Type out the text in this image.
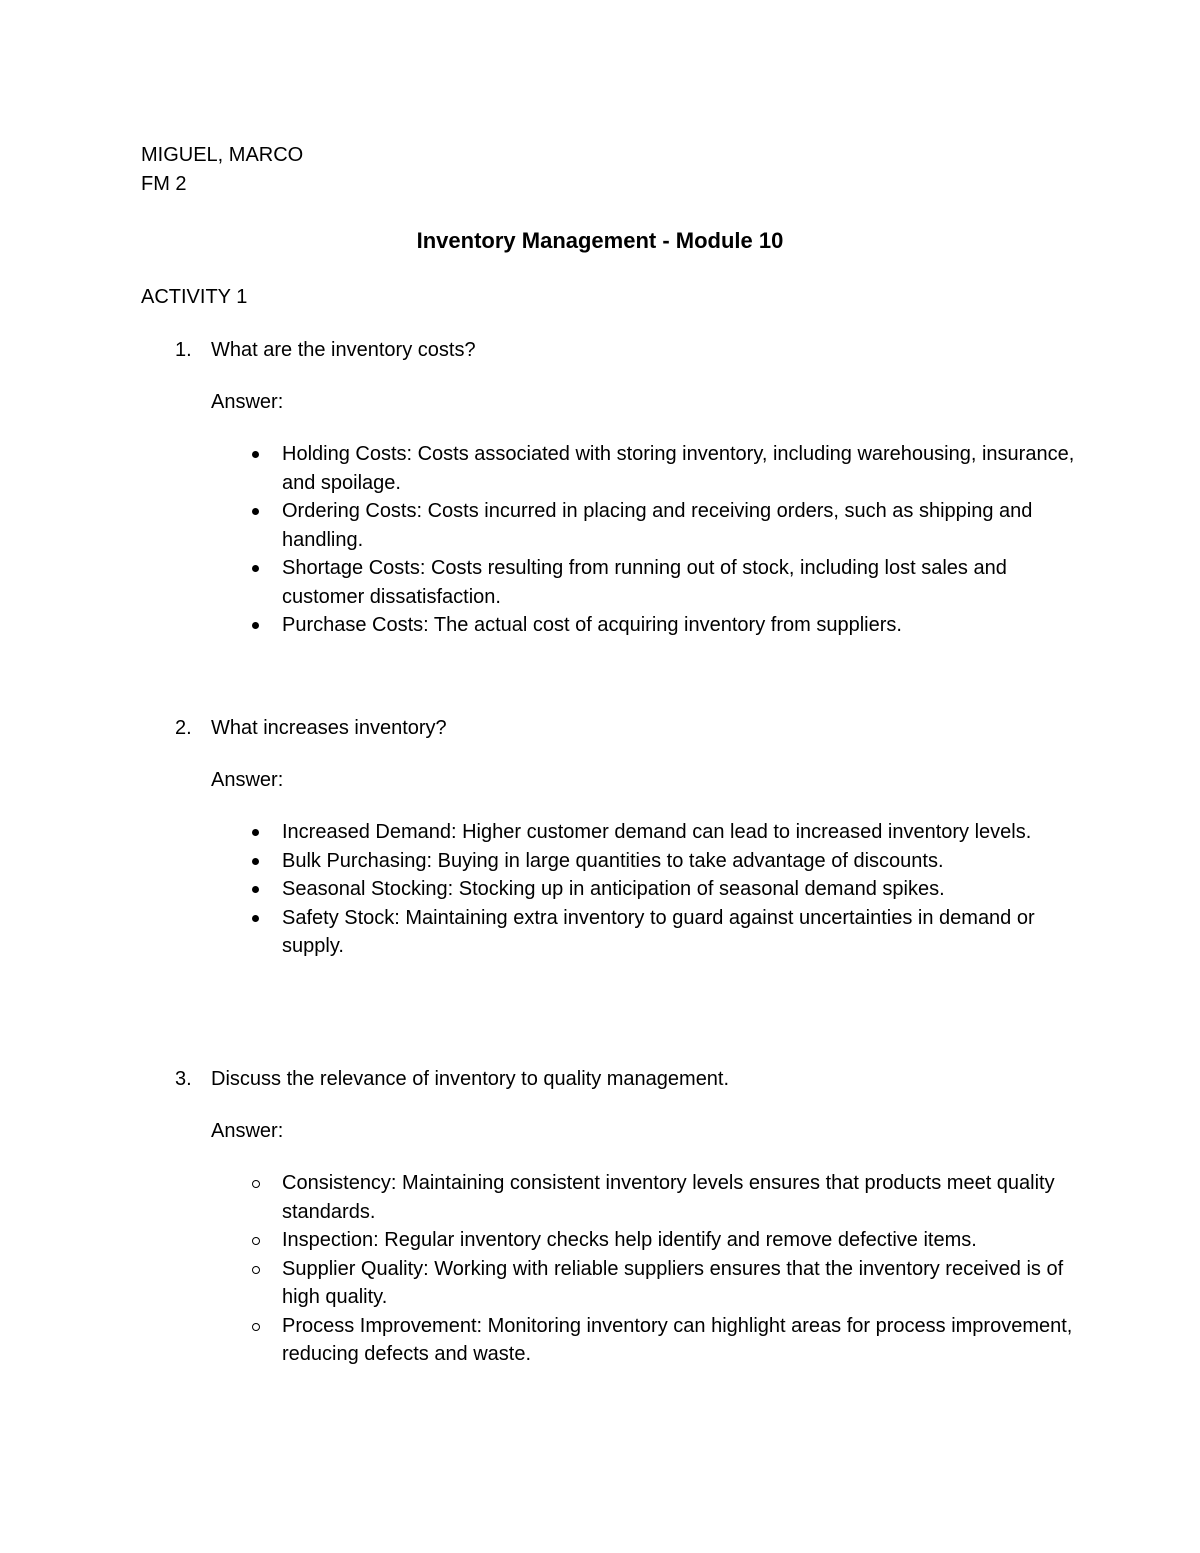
MIGUEL, MARCO
FM 2
Inventory Management - Module 10
ACTIVITY 1
1. What are the inventory costs?
Answer:
Holding Costs: Costs associated with storing inventory, including warehousing, insurance, and spoilage.
Ordering Costs: Costs incurred in placing and receiving orders, such as shipping and handling.
Shortage Costs: Costs resulting from running out of stock, including lost sales and customer dissatisfaction.
Purchase Costs: The actual cost of acquiring inventory from suppliers.
2. What increases inventory?
Answer:
Increased Demand: Higher customer demand can lead to increased inventory levels.
Bulk Purchasing: Buying in large quantities to take advantage of discounts.
Seasonal Stocking: Stocking up in anticipation of seasonal demand spikes.
Safety Stock: Maintaining extra inventory to guard against uncertainties in demand or supply.
3. Discuss the relevance of inventory to quality management.
Answer:
Consistency: Maintaining consistent inventory levels ensures that products meet quality standards.
Inspection: Regular inventory checks help identify and remove defective items.
Supplier Quality: Working with reliable suppliers ensures that the inventory received is of high quality.
Process Improvement: Monitoring inventory can highlight areas for process improvement, reducing defects and waste.
